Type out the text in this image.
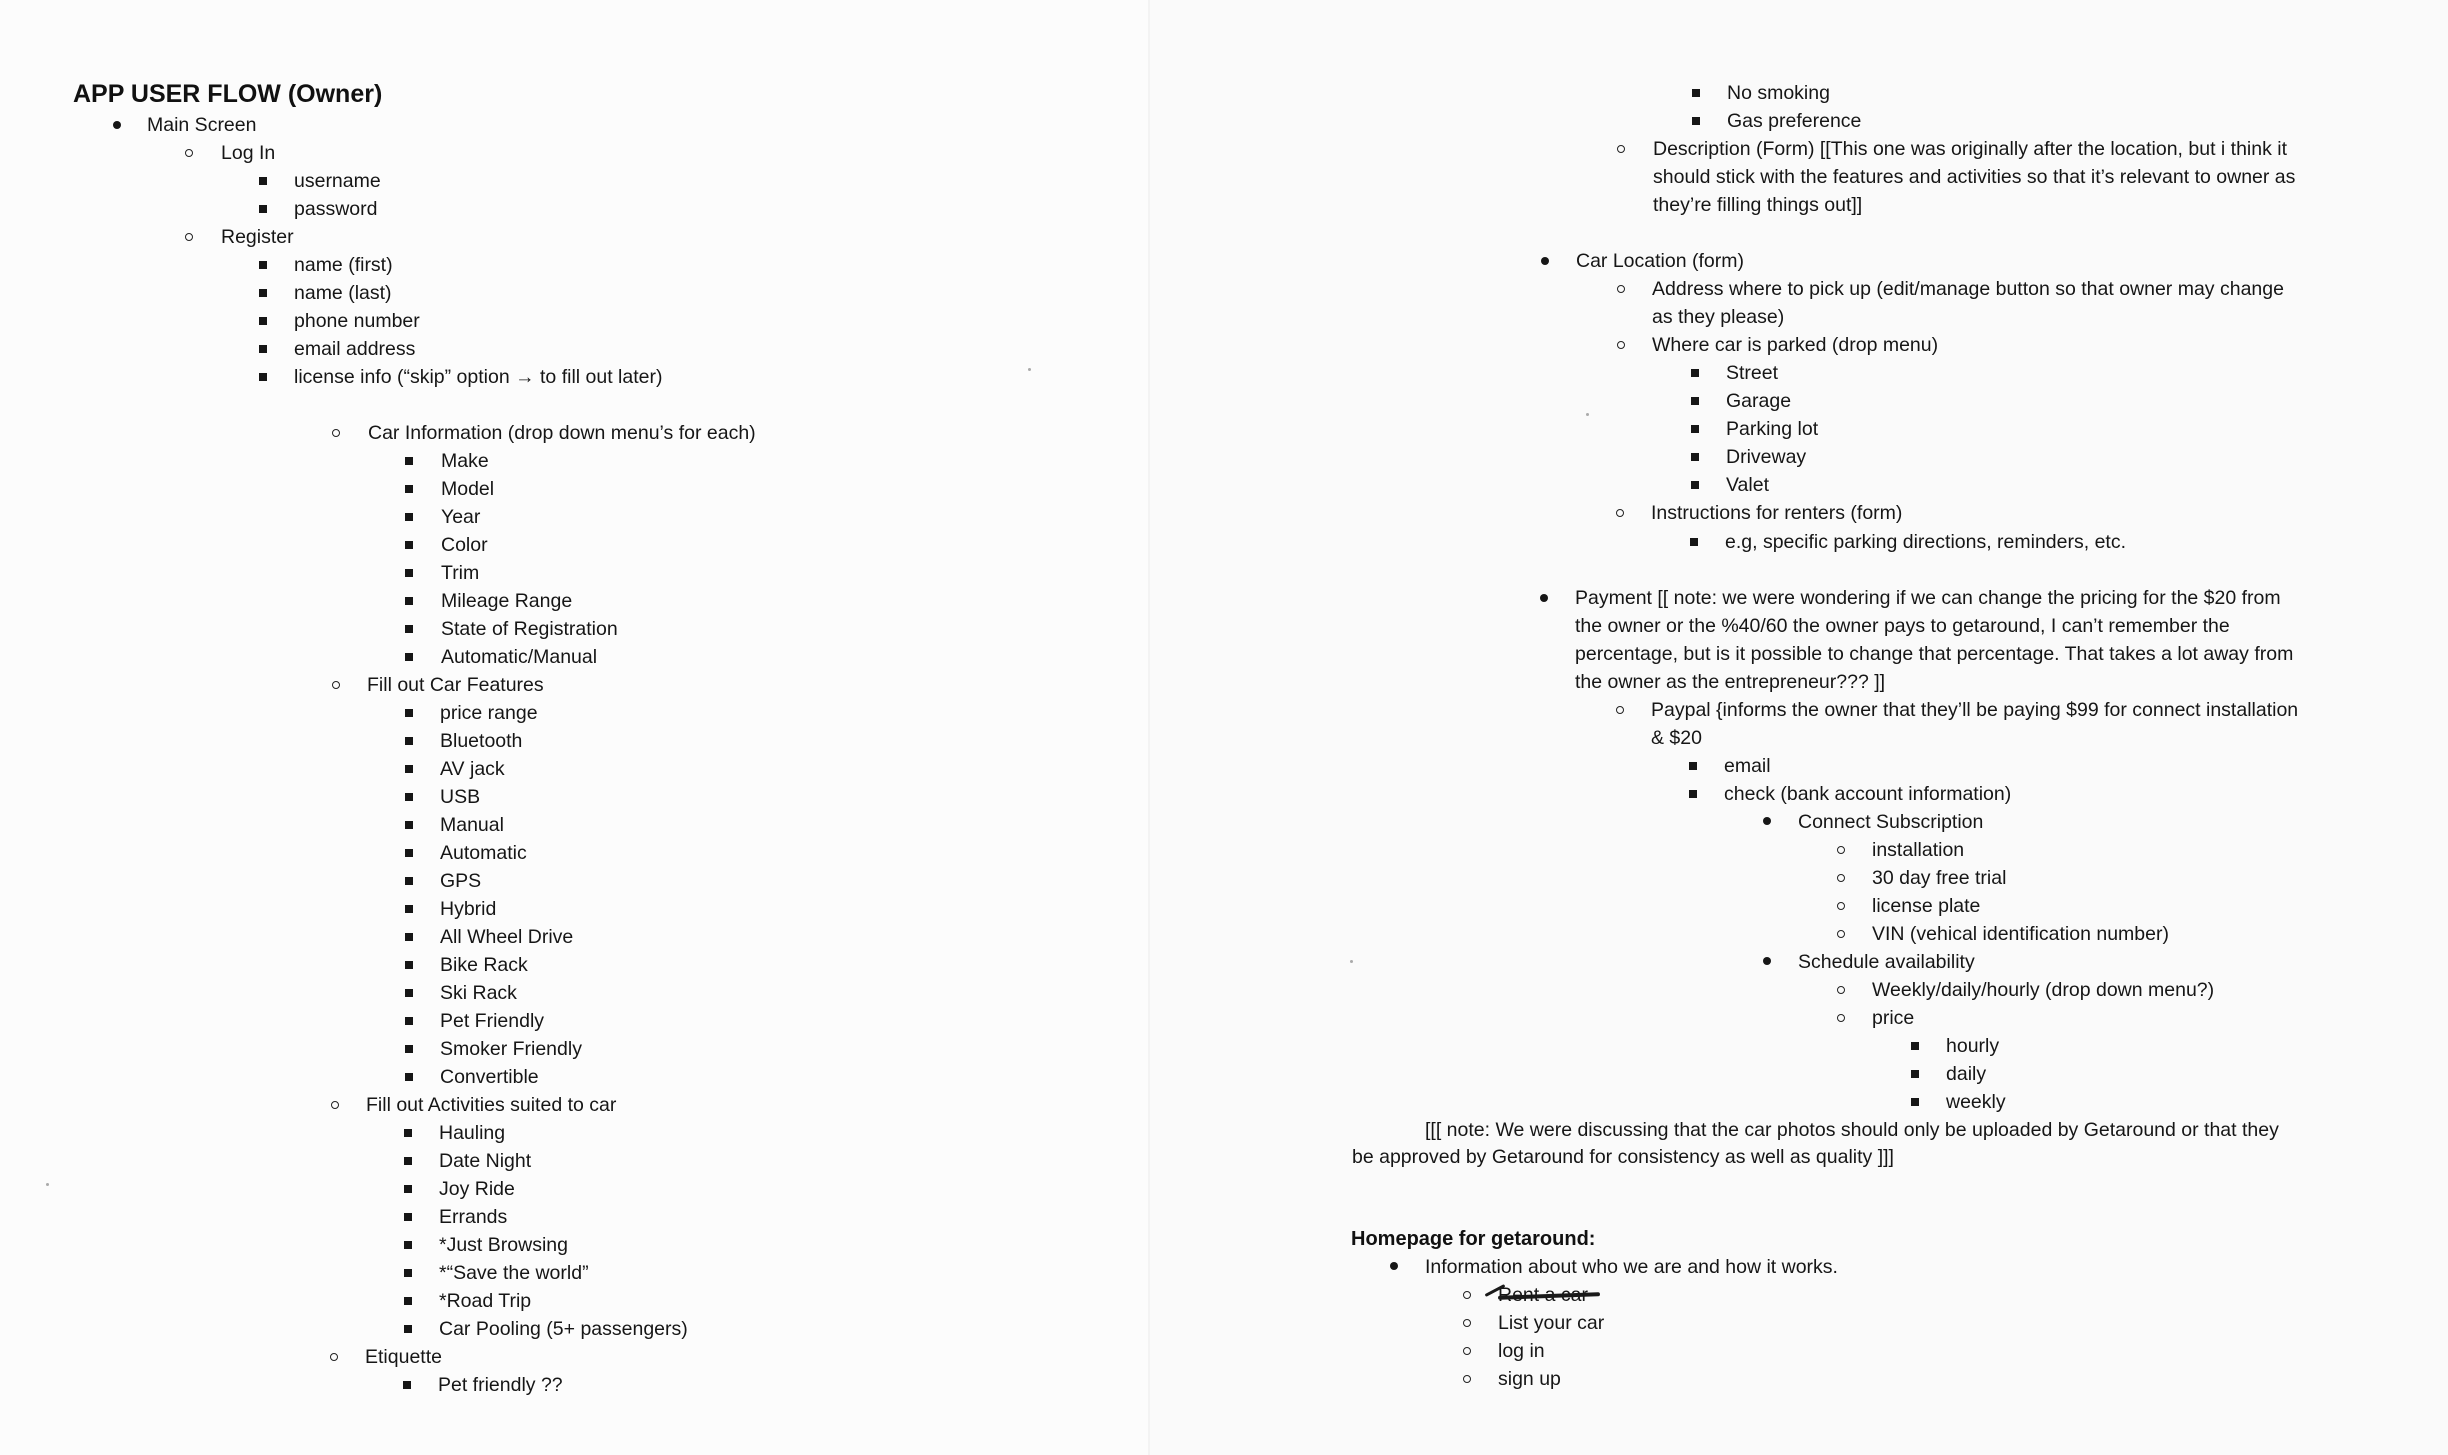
APP USER FLOW (Owner)
Main Screen
Log In
username
password
Register
name (first)
name (last)
phone number
email address
license info (“skip” option → to fill out later)
Car Information (drop down menu’s for each)
Make
Model
Year
Color
Trim
Mileage Range
State of Registration
Automatic/Manual
Fill out Car Features
price range
Bluetooth
AV jack
USB
Manual
Automatic
GPS
Hybrid
All Wheel Drive
Bike Rack
Ski Rack
Pet Friendly
Smoker Friendly
Convertible
Fill out Activities suited to car
Hauling
Date Night
Joy Ride
Errands
*Just Browsing
*“Save the world”
*Road Trip
Car Pooling (5+ passengers)
Etiquette
Pet friendly ??
No smoking
Gas preference
Description (Form) [[This one was originally after the location, but i think it
should stick with the features and activities so that it’s relevant to owner as
they’re filling things out]]
Car Location (form)
Address where to pick up (edit/manage button so that owner may change
as they please)
Where car is parked (drop menu)
Street
Garage
Parking lot
Driveway
Valet
Instructions for renters (form)
e.g, specific parking directions, reminders, etc.
Payment [[ note: we were wondering if we can change the pricing for the $20 from
the owner or the %40/60 the owner pays to getaround, I can’t remember the
percentage, but is it possible to change that percentage. That takes a lot away from
the owner as the entrepreneur??? ]]
Paypal {informs the owner that they’ll be paying $99 for connect installation
& $20
email
check (bank account information)
Connect Subscription
installation
30 day free trial
license plate
VIN (vehical identification number)
Schedule availability
Weekly/daily/hourly (drop down menu?)
price
hourly
daily
weekly
[[[ note: We were discussing that the car photos should only be uploaded by Getaround or that they
be approved by Getaround for consistency as well as quality ]]]
Homepage for getaround:
Information about who we are and how it works.
List your car
log in
sign up
